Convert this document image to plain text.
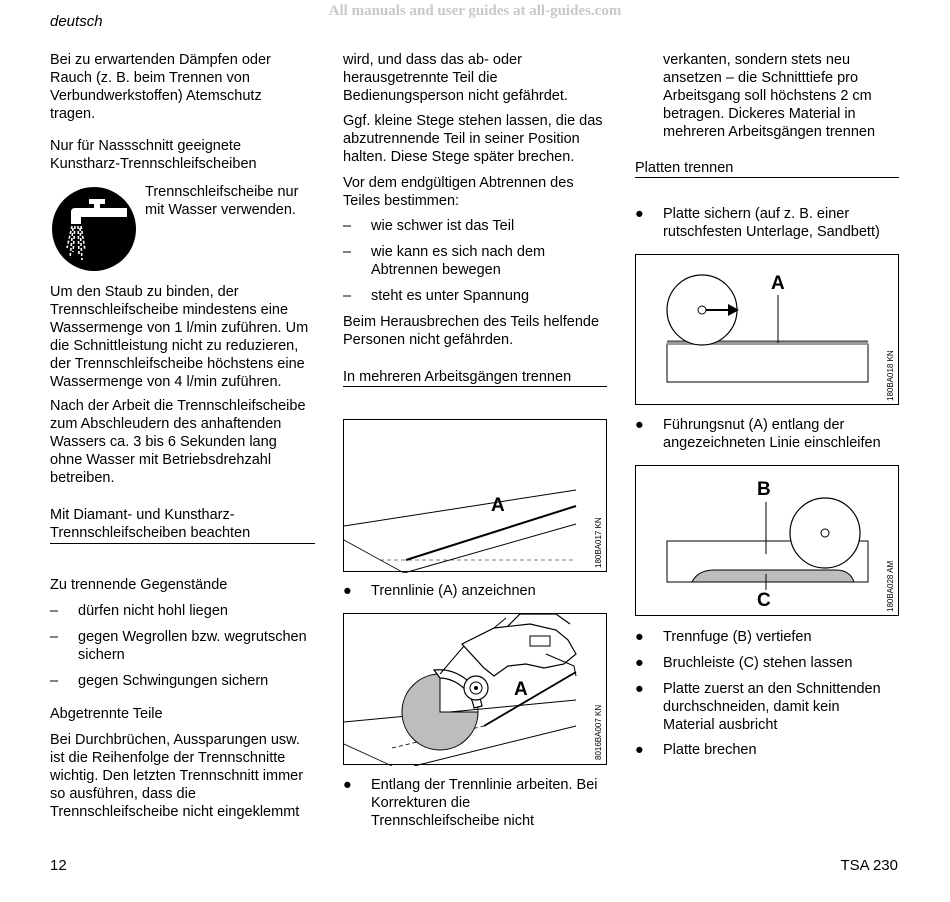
All manuals and user guides at all-guides.com
deutsch
Bei zu erwartenden Dämpfen oder
Rauch (z. B. beim Trennen von
Verbundwerkstoffen) Atemschutz
tragen.
Nur für Nassschnitt geeignete
Kunstharz-Trennschleifscheiben
Trennschleifscheibe nur
mit Wasser verwenden.
Um den Staub zu binden, der
Trennschleifscheibe mindestens eine
Wassermenge von 1 l/min zuführen. Um
die Schnittleistung nicht zu reduzieren,
der Trennschleifscheibe höchstens eine
Wassermenge von 4 l/min zuführen.
Nach der Arbeit die Trennschleifscheibe
zum Abschleudern des anhaftenden
Wassers ca. 3 bis 6 Sekunden lang
ohne Wasser mit Betriebsdrehzahl
betreiben.
Mit Diamant- und Kunstharz-
Trennschleifscheiben beachten
Zu trennende Gegenstände
– dürfen nicht hohl liegen
– gegen Wegrollen bzw. wegrutschen
sichern
– gegen Schwingungen sichern
Abgetrennte Teile
Bei Durchbrüchen, Aussparungen usw.
ist die Reihenfolge der Trennschnitte
wichtig. Den letzten Trennschnitt immer
so ausführen, dass die
Trennschleifscheibe nicht eingeklemmt
wird, und dass das ab- oder
herausgetrennte Teil die
Bedienungsperson nicht gefährdet.
Ggf. kleine Stege stehen lassen, die das
abzutrennende Teil in seiner Position
halten. Diese Stege später brechen.
Vor dem endgültigen Abtrennen des
Teiles bestimmen:
– wie schwer ist das Teil
– wie kann es sich nach dem
Abtrennen bewegen
– steht es unter Spannung
Beim Herausbrechen des Teils helfende
Personen nicht gefährden.
In mehreren Arbeitsgängen trennen
A
180BA017 KN
● Trennlinie (A) anzeichnen
A
8016BA007 KN
● Entlang der Trennlinie arbeiten. Bei
Korrekturen die
Trennschleifscheibe nicht
verkanten, sondern stets neu
ansetzen – die Schnitttiefe pro
Arbeitsgang soll höchstens 2 cm
betragen. Dickeres Material in
mehreren Arbeitsgängen trennen
Platten trennen
● Platte sichern (auf z. B. einer
rutschfesten Unterlage, Sandbett)
A
180BA018 KN
● Führungsnut (A) entlang der
angezeichneten Linie einschleifen
B
C	180BA028 AM
● Trennfuge (B) vertiefen
● Bruchleiste (C) stehen lassen
● Platte zuerst an den Schnittenden
durchschneiden, damit kein
Material ausbricht
● Platte brechen
12	TSA 230
